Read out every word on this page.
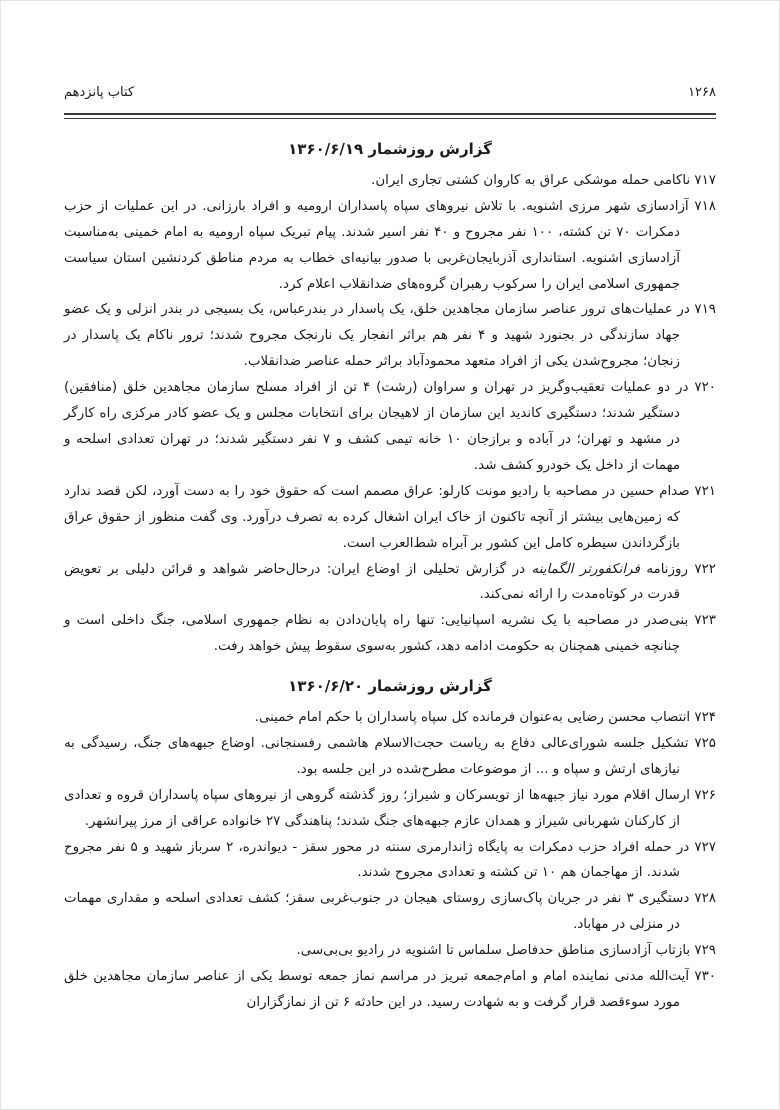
۱۲۶۸
کتاب پانزدهم
گزارش روزشمار ۱۳۶۰/۶/۱۹

۷۱۷ ناکامی حمله موشکی عراق به کاروان کشتی تجاری ایران.

۷۱۸ آزادسازی شهر مرزی اشنویه. با تلاش نیروهای سپاه پاسداران ارومیه و افراد بارزانی. در این عملیات از حزب دمکرات ۷۰ تن کشته، ۱۰۰ نفر مجروح و ۴۰ نفر اسیر شدند. پیام تبریک سپاه ارومیه به امام خمینی به‌مناسبت آزادسازی اشنویه. استانداری آذربایجان‌غربی با صدور بیانیه‌ای خطاب به مردم مناطق کردنشین استان سیاست جمهوری اسلامی ایران را سرکوب رهبران گروه‌های ضدانقلاب اعلام کرد.

۷۱۹ در عملیات‌های ترور عناصر سازمان مجاهدین خلق، یک پاسدار در بندرعباس، یک بسیجی در بندر انزلی و یک عضو جهاد سازندگی در بجنورد شهید و ۴ نفر هم براثر انفجار یک نارنجک مجروح شدند؛ ترور ناکام یک پاسدار در زنجان؛ مجروح‌شدن یکی از افراد متعهد محمودآباد براثر حمله عناصر ضدانقلاب.

۷۲۰ در دو عملیات تعقیب‌وگریز در تهران و سراوان (رشت) ۴ تن از افراد مسلح سازمان مجاهدین خلق (منافقین) دستگیر شدند؛ دستگیری کاندید این سازمان از لاهیجان برای انتخابات مجلس و یک عضو کادر مرکزی راه کارگر در مشهد و تهران؛ در آباده و برازجان ۱۰ خانه تیمی کشف و ۷ نفر دستگیر شدند؛ در تهران تعدادی اسلحه و مهمات از داخل یک خودرو کشف شد.

۷۲۱ صدام حسین در مصاحبه با رادیو مونت کارلو: عراق مصمم است که حقوق خود را به دست آورد، لکن قصد ندارد که زمین‌هایی بیشتر از آنچه تاکنون از خاک ایران اشغال کرده به تصرف درآورد. وی گفت منظور از حقوق عراق بازگرداندن سیطره کامل این کشور بر آبراه شط‌العرب است.

۷۲۲ روزنامه فرانکفورتر الگماینه در گزارش تحلیلی از اوضاع ایران: درحال‌حاضر شواهد و قرائن دلیلی بر تعویض قدرت در کوتاه‌مدت را ارائه نمی‌کند.

۷۲۳ بنی‌صدر در مصاحبه با یک نشریه اسپانیایی: تنها راه پایان‌دادن به نظام جمهوری اسلامی، جنگ داخلی است و چنانچه خمینی همچنان به حکومت ادامه دهد، کشور به‌سوی سقوط پیش خواهد رفت.

گزارش روزشمار ۱۳۶۰/۶/۲۰

۷۲۴ انتصاب محسن رضایی به‌عنوان فرمانده کل سپاه پاسداران با حکم امام خمینی.

۷۲۵ تشکیل جلسه شورای‌عالی دفاع به ریاست حجت‌الاسلام هاشمی رفسنجانی. اوضاع جبهه‌های جنگ، رسیدگی به نیازهای ارتش و سپاه و ... از موضوعات مطرح‌شده در این جلسه بود.

۷۲۶ ارسال اقلام مورد نیاز جبهه‌ها از تویسرکان و شیراز؛ روز گذشته گروهی از نیروهای سپاه پاسداران قروه و تعدادی از کارکنان شهربانی شیراز و همدان عازم جبهه‌های جنگ شدند؛ پناهندگی ۲۷ خانواده عراقی از مرز پیرانشهر.

۷۲۷ در حمله افراد حزب دمکرات به پایگاه ژاندارمری سنته در محور سقز - دیواندره، ۲ سرباز شهید و ۵ نفر مجروح شدند. از مهاجمان هم ۱۰ تن کشته و تعدادی مجروح شدند.

۷۲۸ دستگیری ۳ نفر در جریان پاک‌سازی روستای هیجان در جنوب‌غربی سقز؛ کشف تعدادی اسلحه و مقداری مهمات در منزلی در مهاباد.

۷۲۹ بازتاب آزادسازی مناطق حدفاصل سلماس تا اشنویه در رادیو بی‌بی‌سی.

۷۳۰ آیت‌الله مدنی نماینده امام و امام‌جمعه تبریز در مراسم نماز جمعه توسط یکی از عناصر سازمان مجاهدین خلق مورد سوءقصد قرار گرفت و به شهادت رسید. در این حادثه ۶ تن از نمازگزاران
